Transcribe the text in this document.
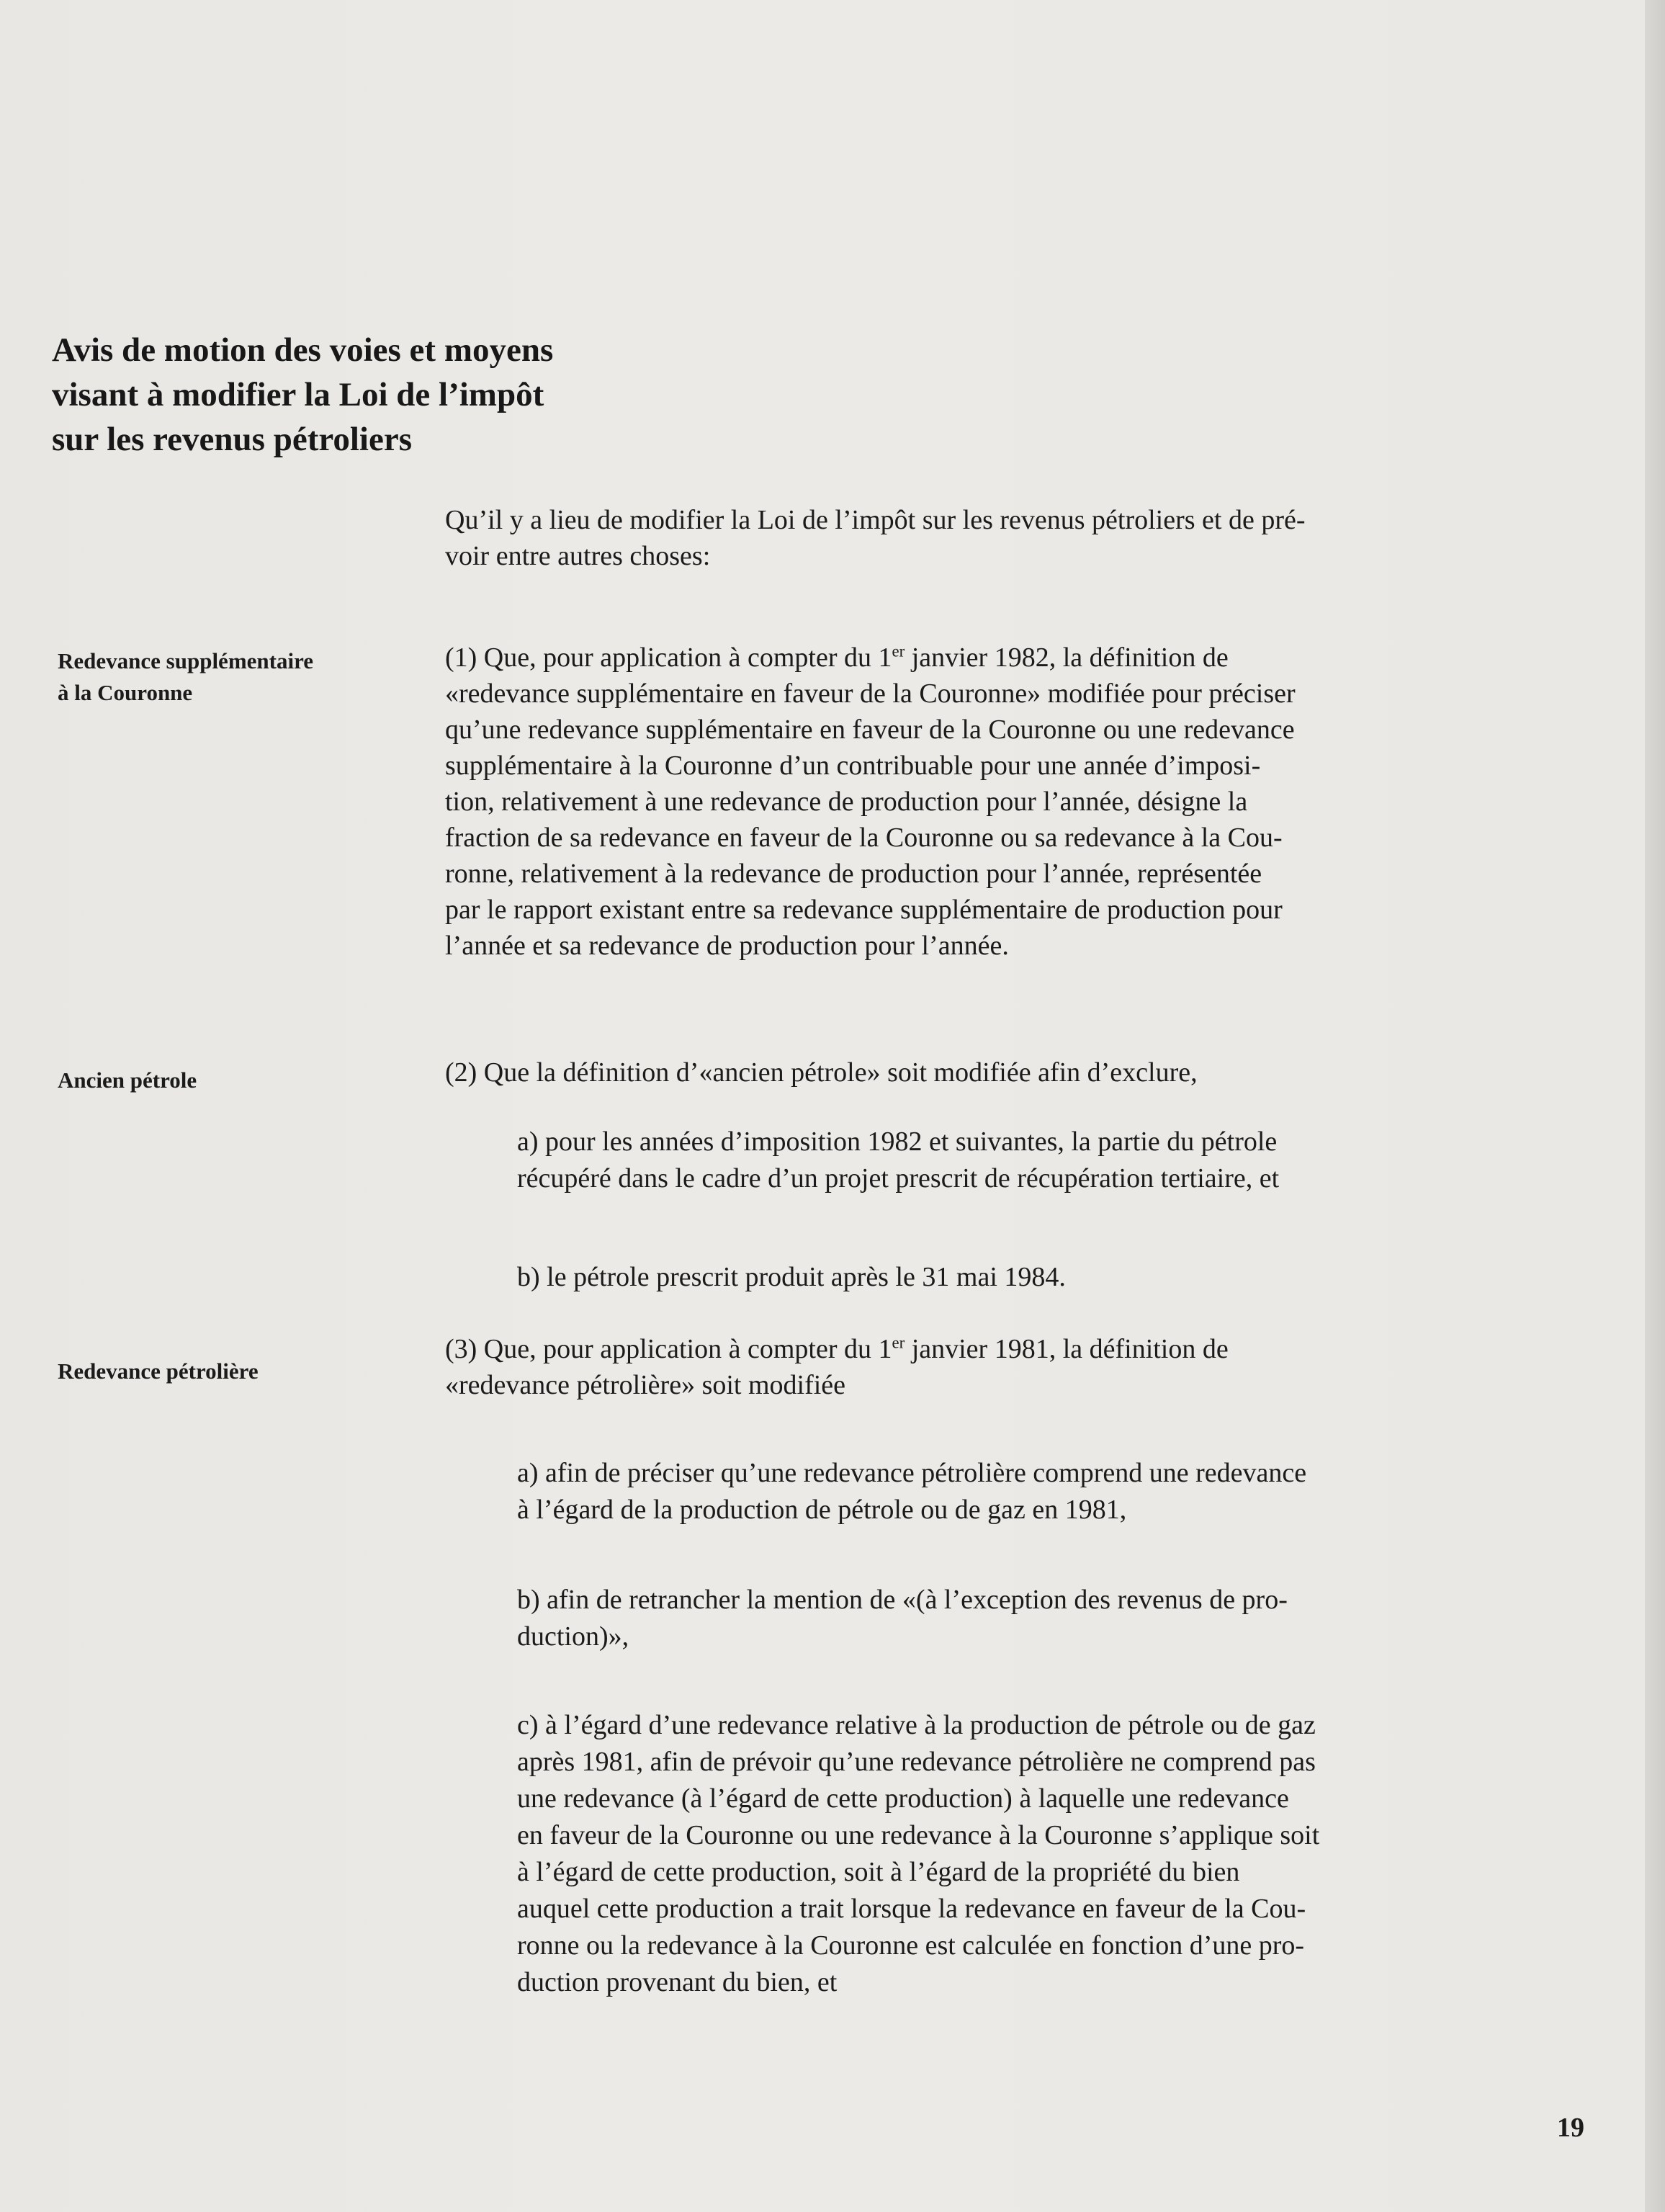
Avis de motion des voies et moyens
visant à modifier la Loi de l’impôt
sur les revenus pétroliers

Qu’il y a lieu de modifier la Loi de l’impôt sur les revenus pétroliers et de pré-
voir entre autres choses:

Redevance supplémentaire
à la Couronne

(1) Que, pour application à compter du 1er janvier 1982, la définition de
«redevance supplémentaire en faveur de la Couronne» modifiée pour préciser
qu’une redevance supplémentaire en faveur de la Couronne ou une redevance
supplémentaire à la Couronne d’un contribuable pour une année d’imposi-
tion, relativement à une redevance de production pour l’année, désigne la
fraction de sa redevance en faveur de la Couronne ou sa redevance à la Cou-
ronne, relativement à la redevance de production pour l’année, représentée
par le rapport existant entre sa redevance supplémentaire de production pour
l’année et sa redevance de production pour l’année.

Ancien pétrole	(2) Que la définition d’«ancien pétrole» soit modifiée afin d’exclure,

a) pour les années d’imposition 1982 et suivantes, la partie du pétrole
récupéré dans le cadre d’un projet prescrit de récupération tertiaire, et

b) le pétrole prescrit produit après le 31 mai 1984.

Redevance pétrolière

(3) Que, pour application à compter du 1er janvier 1981, la définition de
«redevance pétrolière» soit modifiée

a) afin de préciser qu’une redevance pétrolière comprend une redevance
à l’égard de la production de pétrole ou de gaz en 1981,

b) afin de retrancher la mention de «(à l’exception des revenus de pro-
duction)»,

c) à l’égard d’une redevance relative à la production de pétrole ou de gaz
après 1981, afin de prévoir qu’une redevance pétrolière ne comprend pas
une redevance (à l’égard de cette production) à laquelle une redevance
en faveur de la Couronne ou une redevance à la Couronne s’applique soit
à l’égard de cette production, soit à l’égard de la propriété du bien
auquel cette production a trait lorsque la redevance en faveur de la Cou-
ronne ou la redevance à la Couronne est calculée en fonction d’une pro-
duction provenant du bien, et

19
